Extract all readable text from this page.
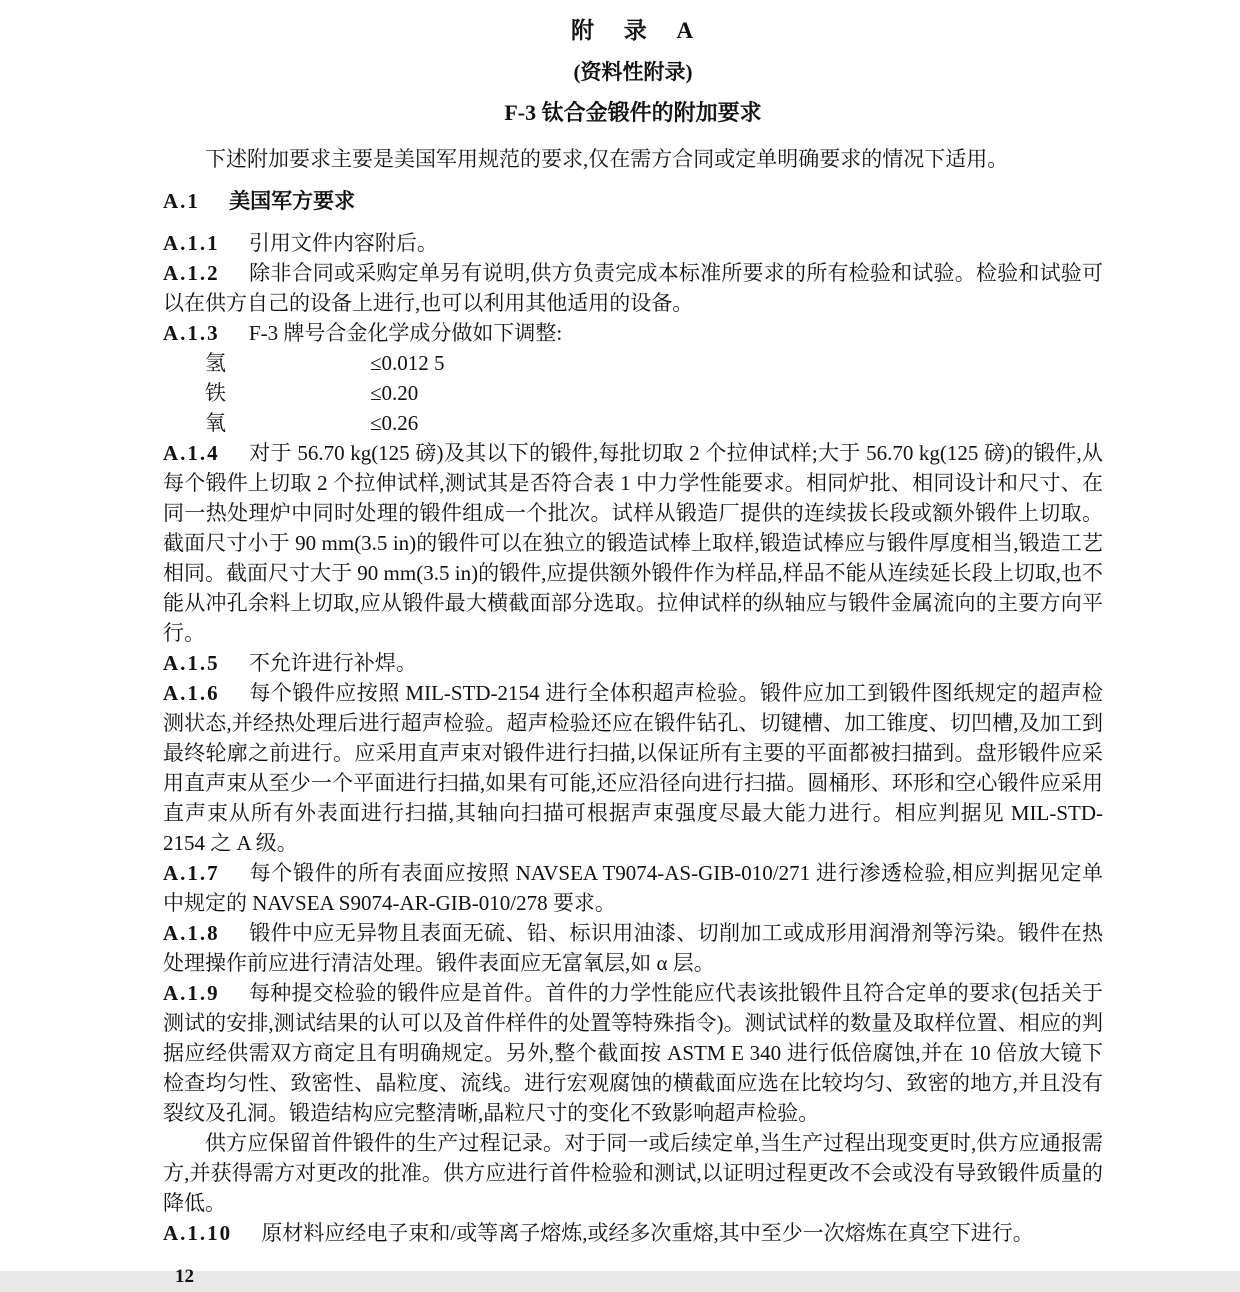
附 录 A
(资料性附录)
F-3 钛合金锻件的附加要求

下述附加要求主要是美国军用规范的要求,仅在需方合同或定单明确要求的情况下适用。

A.1 美国军方要求

A.1.1 引用文件内容附后。

A.1.2 除非合同或采购定单另有说明,供方负责完成本标准所要求的所有检验和试验。检验和试验可以在供方自己的设备上进行,也可以利用其他适用的设备。

A.1.3 F-3 牌号合金化学成分做如下调整:

氢	≤0.012 5
铁	≤0.20
氧	≤0.26

A.1.4 对于 56.70 kg(125 磅)及其以下的锻件,每批切取 2 个拉伸试样;大于 56.70 kg(125 磅)的锻件,从每个锻件上切取 2 个拉伸试样,测试其是否符合表 1 中力学性能要求。相同炉批、相同设计和尺寸、在同一热处理炉中同时处理的锻件组成一个批次。试样从锻造厂提供的连续拔长段或额外锻件上切取。截面尺寸小于 90 mm(3.5 in)的锻件可以在独立的锻造试棒上取样,锻造试棒应与锻件厚度相当,锻造工艺相同。截面尺寸大于 90 mm(3.5 in)的锻件,应提供额外锻件作为样品,样品不能从连续延长段上切取,也不能从冲孔余料上切取,应从锻件最大横截面部分选取。拉伸试样的纵轴应与锻件金属流向的主要方向平行。

A.1.5 不允许进行补焊。

A.1.6 每个锻件应按照 MIL-STD-2154 进行全体积超声检验。锻件应加工到锻件图纸规定的超声检测状态,并经热处理后进行超声检验。超声检验还应在锻件钻孔、切键槽、加工锥度、切凹槽,及加工到最终轮廓之前进行。应采用直声束对锻件进行扫描,以保证所有主要的平面都被扫描到。盘形锻件应采用直声束从至少一个平面进行扫描,如果有可能,还应沿径向进行扫描。圆桶形、环形和空心锻件应采用直声束从所有外表面进行扫描,其轴向扫描可根据声束强度尽最大能力进行。相应判据见 MIL-STD-2154 之 A 级。

A.1.7 每个锻件的所有表面应按照 NAVSEA T9074-AS-GIB-010/271 进行渗透检验,相应判据见定单中规定的 NAVSEA S9074-AR-GIB-010/278 要求。

A.1.8 锻件中应无异物且表面无硫、铅、标识用油漆、切削加工或成形用润滑剂等污染。锻件在热处理操作前应进行清洁处理。锻件表面应无富氧层,如 α 层。

A.1.9 每种提交检验的锻件应是首件。首件的力学性能应代表该批锻件且符合定单的要求(包括关于测试的安排,测试结果的认可以及首件样件的处置等特殊指令)。测试试样的数量及取样位置、相应的判据应经供需双方商定且有明确规定。另外,整个截面按 ASTM E 340 进行低倍腐蚀,并在 10 倍放大镜下检查均匀性、致密性、晶粒度、流线。进行宏观腐蚀的横截面应选在比较均匀、致密的地方,并且没有裂纹及孔洞。锻造结构应完整清晰,晶粒尺寸的变化不致影响超声检验。

供方应保留首件锻件的生产过程记录。对于同一或后续定单,当生产过程出现变更时,供方应通报需方,并获得需方对更改的批准。供方应进行首件检验和测试,以证明过程更改不会或没有导致锻件质量的降低。

A.1.10 原材料应经电子束和/或等离子熔炼,或经多次重熔,其中至少一次熔炼在真空下进行。

12
